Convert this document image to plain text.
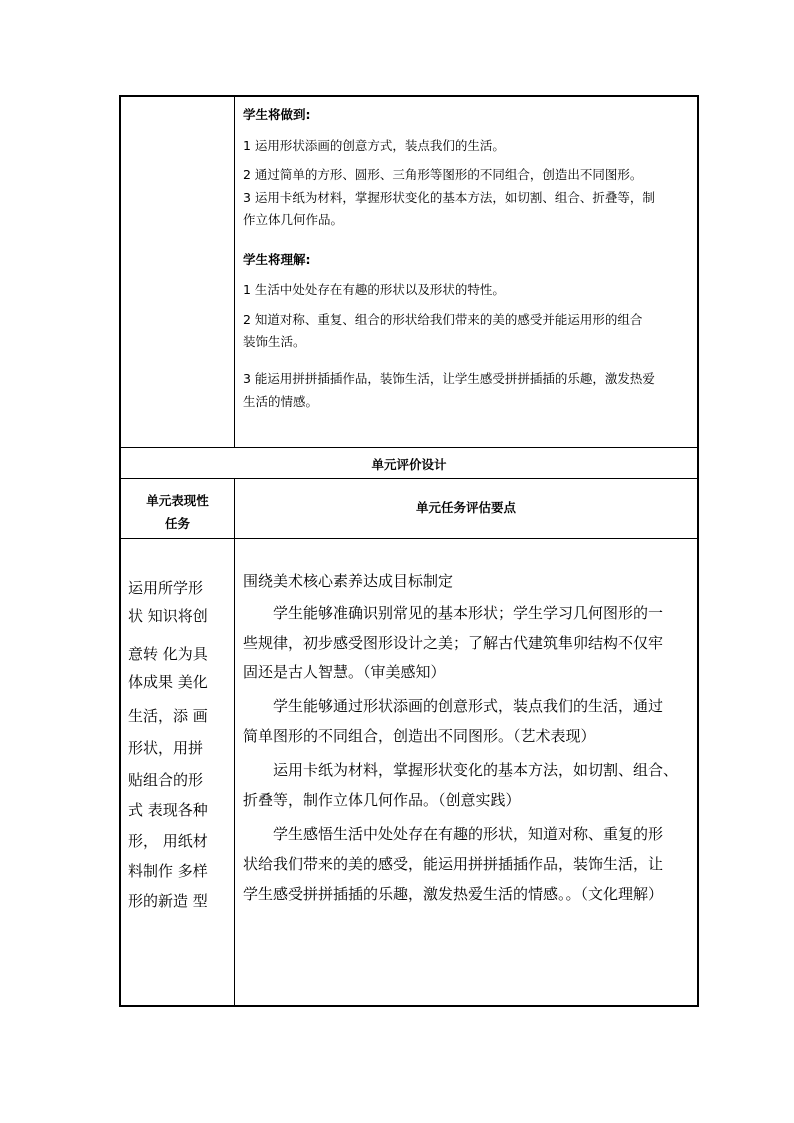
学生将做到:
1 运用形状添画的创意方式，装点我们的生活。
2 通过简单的方形、圆形、三角形等图形的不同组合，创造出不同图形。
3 运用卡纸为材料，掌握形状变化的基本方法，如切割、组合、折叠等，制
作立体几何作品。
学生将理解:
1 生活中处处存在有趣的形状以及形状的特性。
2 知道对称、重复、组合的形状给我们带来的美的感受并能运用形的组合
装饰生活。
3 能运用拼拼插插作品，装饰生活，让学生感受拼拼插插的乐趣，激发热爱
生活的情感。
单元评价设计
单元表现性
任务
单元任务评估要点
运用所学形
状 知识将创
意转 化为具
体成果 美化
生活，添 画
形状，用拼
贴组合的形
式 表现各种
形， 用纸材
料制作 多样
形的新造 型
围绕美术核心素养达成目标制定
学生能够准确识别常见的基本形状；学生学习几何图形的一
些规律，初步感受图形设计之美；了解古代建筑隼卯结构不仅牢
固还是古人智慧。（审美感知）
学生能够通过形状添画的创意形式，装点我们的生活，通过
简单图形的不同组合，创造出不同图形。（艺术表现）
运用卡纸为材料，掌握形状变化的基本方法，如切割、组合、
折叠等，制作立体几何作品。（创意实践）
学生感悟生活中处处存在有趣的形状，知道对称、重复的形
状给我们带来的美的感受，能运用拼拼插插作品，装饰生活，让
学生感受拼拼插插的乐趣，激发热爱生活的情感。。（文化理解）
